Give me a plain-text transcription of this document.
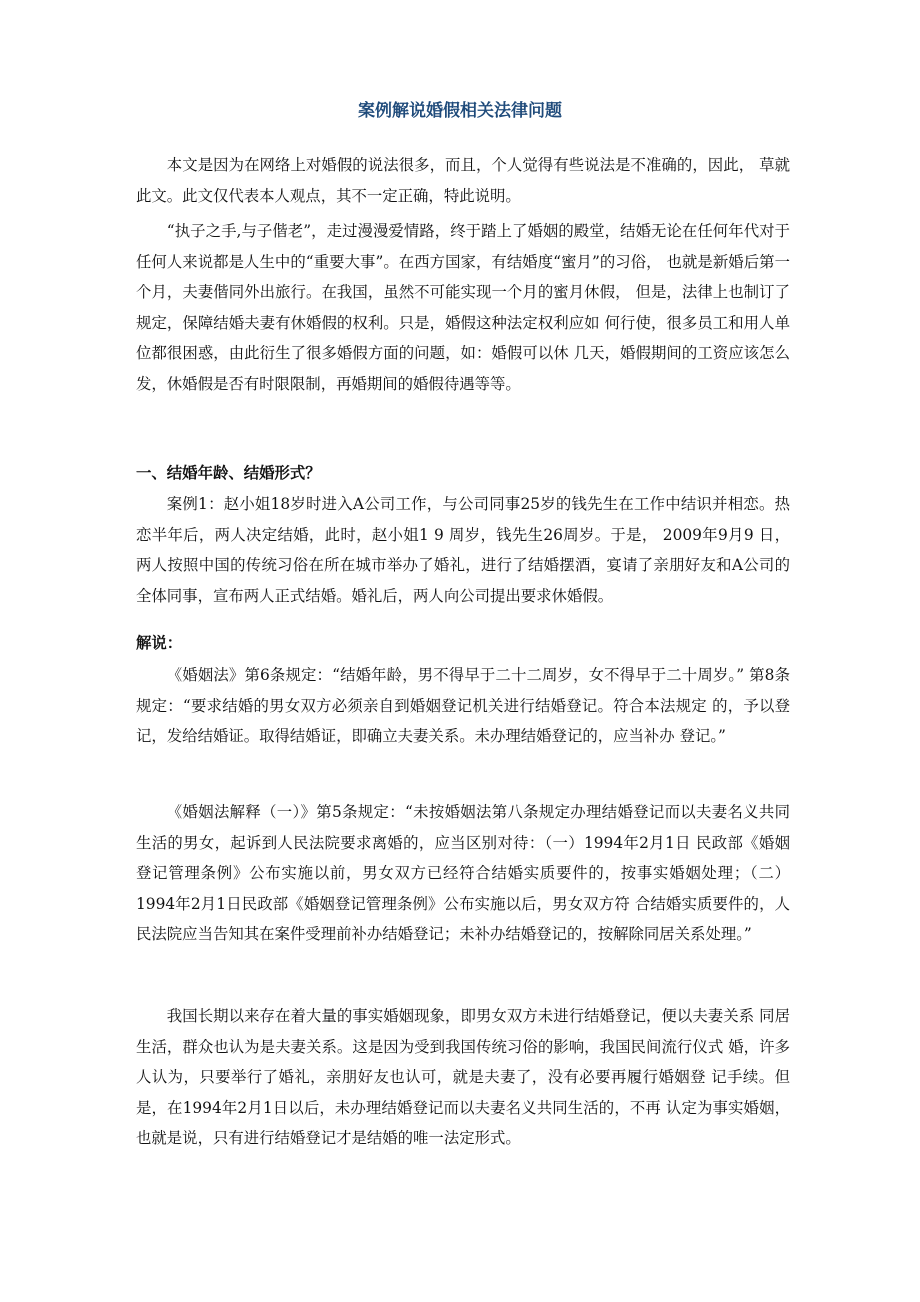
案例解说婚假相关法律问题

本文是因为在网络上对婚假的说法很多，而且，个人觉得有些说法是不准确的，因此， 草就此文。此文仅代表本人观点，其不一定正确，特此说明。

“执子之手,与子偕老”，走过漫漫爱情路，终于踏上了婚姻的殿堂，结婚无论在任何年代对于任何人来说都是人生中的“重要大事”。在西方国家，有结婚度“蜜月”的习俗， 也就是新婚后第一个月，夫妻偕同外出旅行。在我国，虽然不可能实现一个月的蜜月休假， 但是，法律上也制订了规定，保障结婚夫妻有休婚假的权利。只是，婚假这种法定权利应如 何行使，很多员工和用人单位都很困惑，由此衍生了很多婚假方面的问题，如：婚假可以休 几天，婚假期间的工资应该怎么发，休婚假是否有时限限制，再婚期间的婚假待遇等等。

一、结婚年龄、结婚形式？

案例1：赵小姐18岁时进入A公司工作，与公司同事25岁的钱先生在工作中结识并相恋。热恋半年后，两人决定结婚，此时，赵小姐1 9 周岁，钱先生26周岁。于是， 2009年9月9 日，两人按照中国的传统习俗在所在城市举办了婚礼，进行了结婚摆酒，宴请了亲朋好友和A公司的全体同事，宣布两人正式结婚。婚礼后，两人向公司提出要求休婚假。

解说：

《婚姻法》第6条规定：“结婚年龄，男不得早于二十二周岁，女不得早于二十周岁。” 第8条规定：“要求结婚的男女双方必须亲自到婚姻登记机关进行结婚登记。符合本法规定 的，予以登记，发给结婚证。取得结婚证，即确立夫妻关系。未办理结婚登记的，应当补办 登记。”

《婚姻法解释（一）》第5条规定：“未按婚姻法第八条规定办理结婚登记而以夫妻名义共同生活的男女，起诉到人民法院要求离婚的，应当区别对待：（一）1994年2月1日 民政部《婚姻登记管理条例》公布实施以前，男女双方已经符合结婚实质要件的，按事实婚姻处理；（二）1994年2月1日民政部《婚姻登记管理条例》公布实施以后，男女双方符 合结婚实质要件的，人民法院应当告知其在案件受理前补办结婚登记；未补办结婚登记的，按解除同居关系处理。”

我国长期以来存在着大量的事实婚姻现象，即男女双方未进行结婚登记，便以夫妻关系 同居生活，群众也认为是夫妻关系。这是因为受到我国传统习俗的影响，我国民间流行仪式 婚，许多人认为，只要举行了婚礼，亲朋好友也认可，就是夫妻了，没有必要再履行婚姻登 记手续。但是，在1994年2月1日以后，未办理结婚登记而以夫妻名义共同生活的，不再 认定为事实婚姻，也就是说，只有进行结婚登记才是结婚的唯一法定形式。
